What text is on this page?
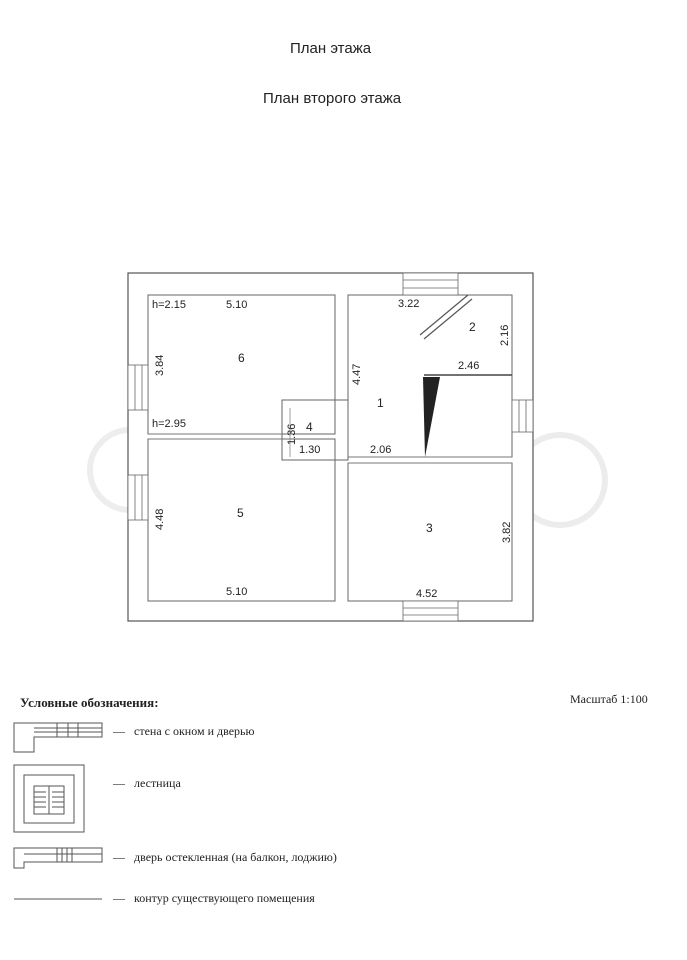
План этажа
План второго этажа
h=2.15
h=2.95
5.10
3.84	6
4.48	5
5.10
3.22
2 2.16
4.47	2.46
1
2.06
1.36 4
1.30
3	3.82
4.52
Масштаб 1:100
Условные обозначения:
— стена с окном и дверью
— лестница
— дверь остекленная (на балкон, лоджию)
— контур существующего помещения
